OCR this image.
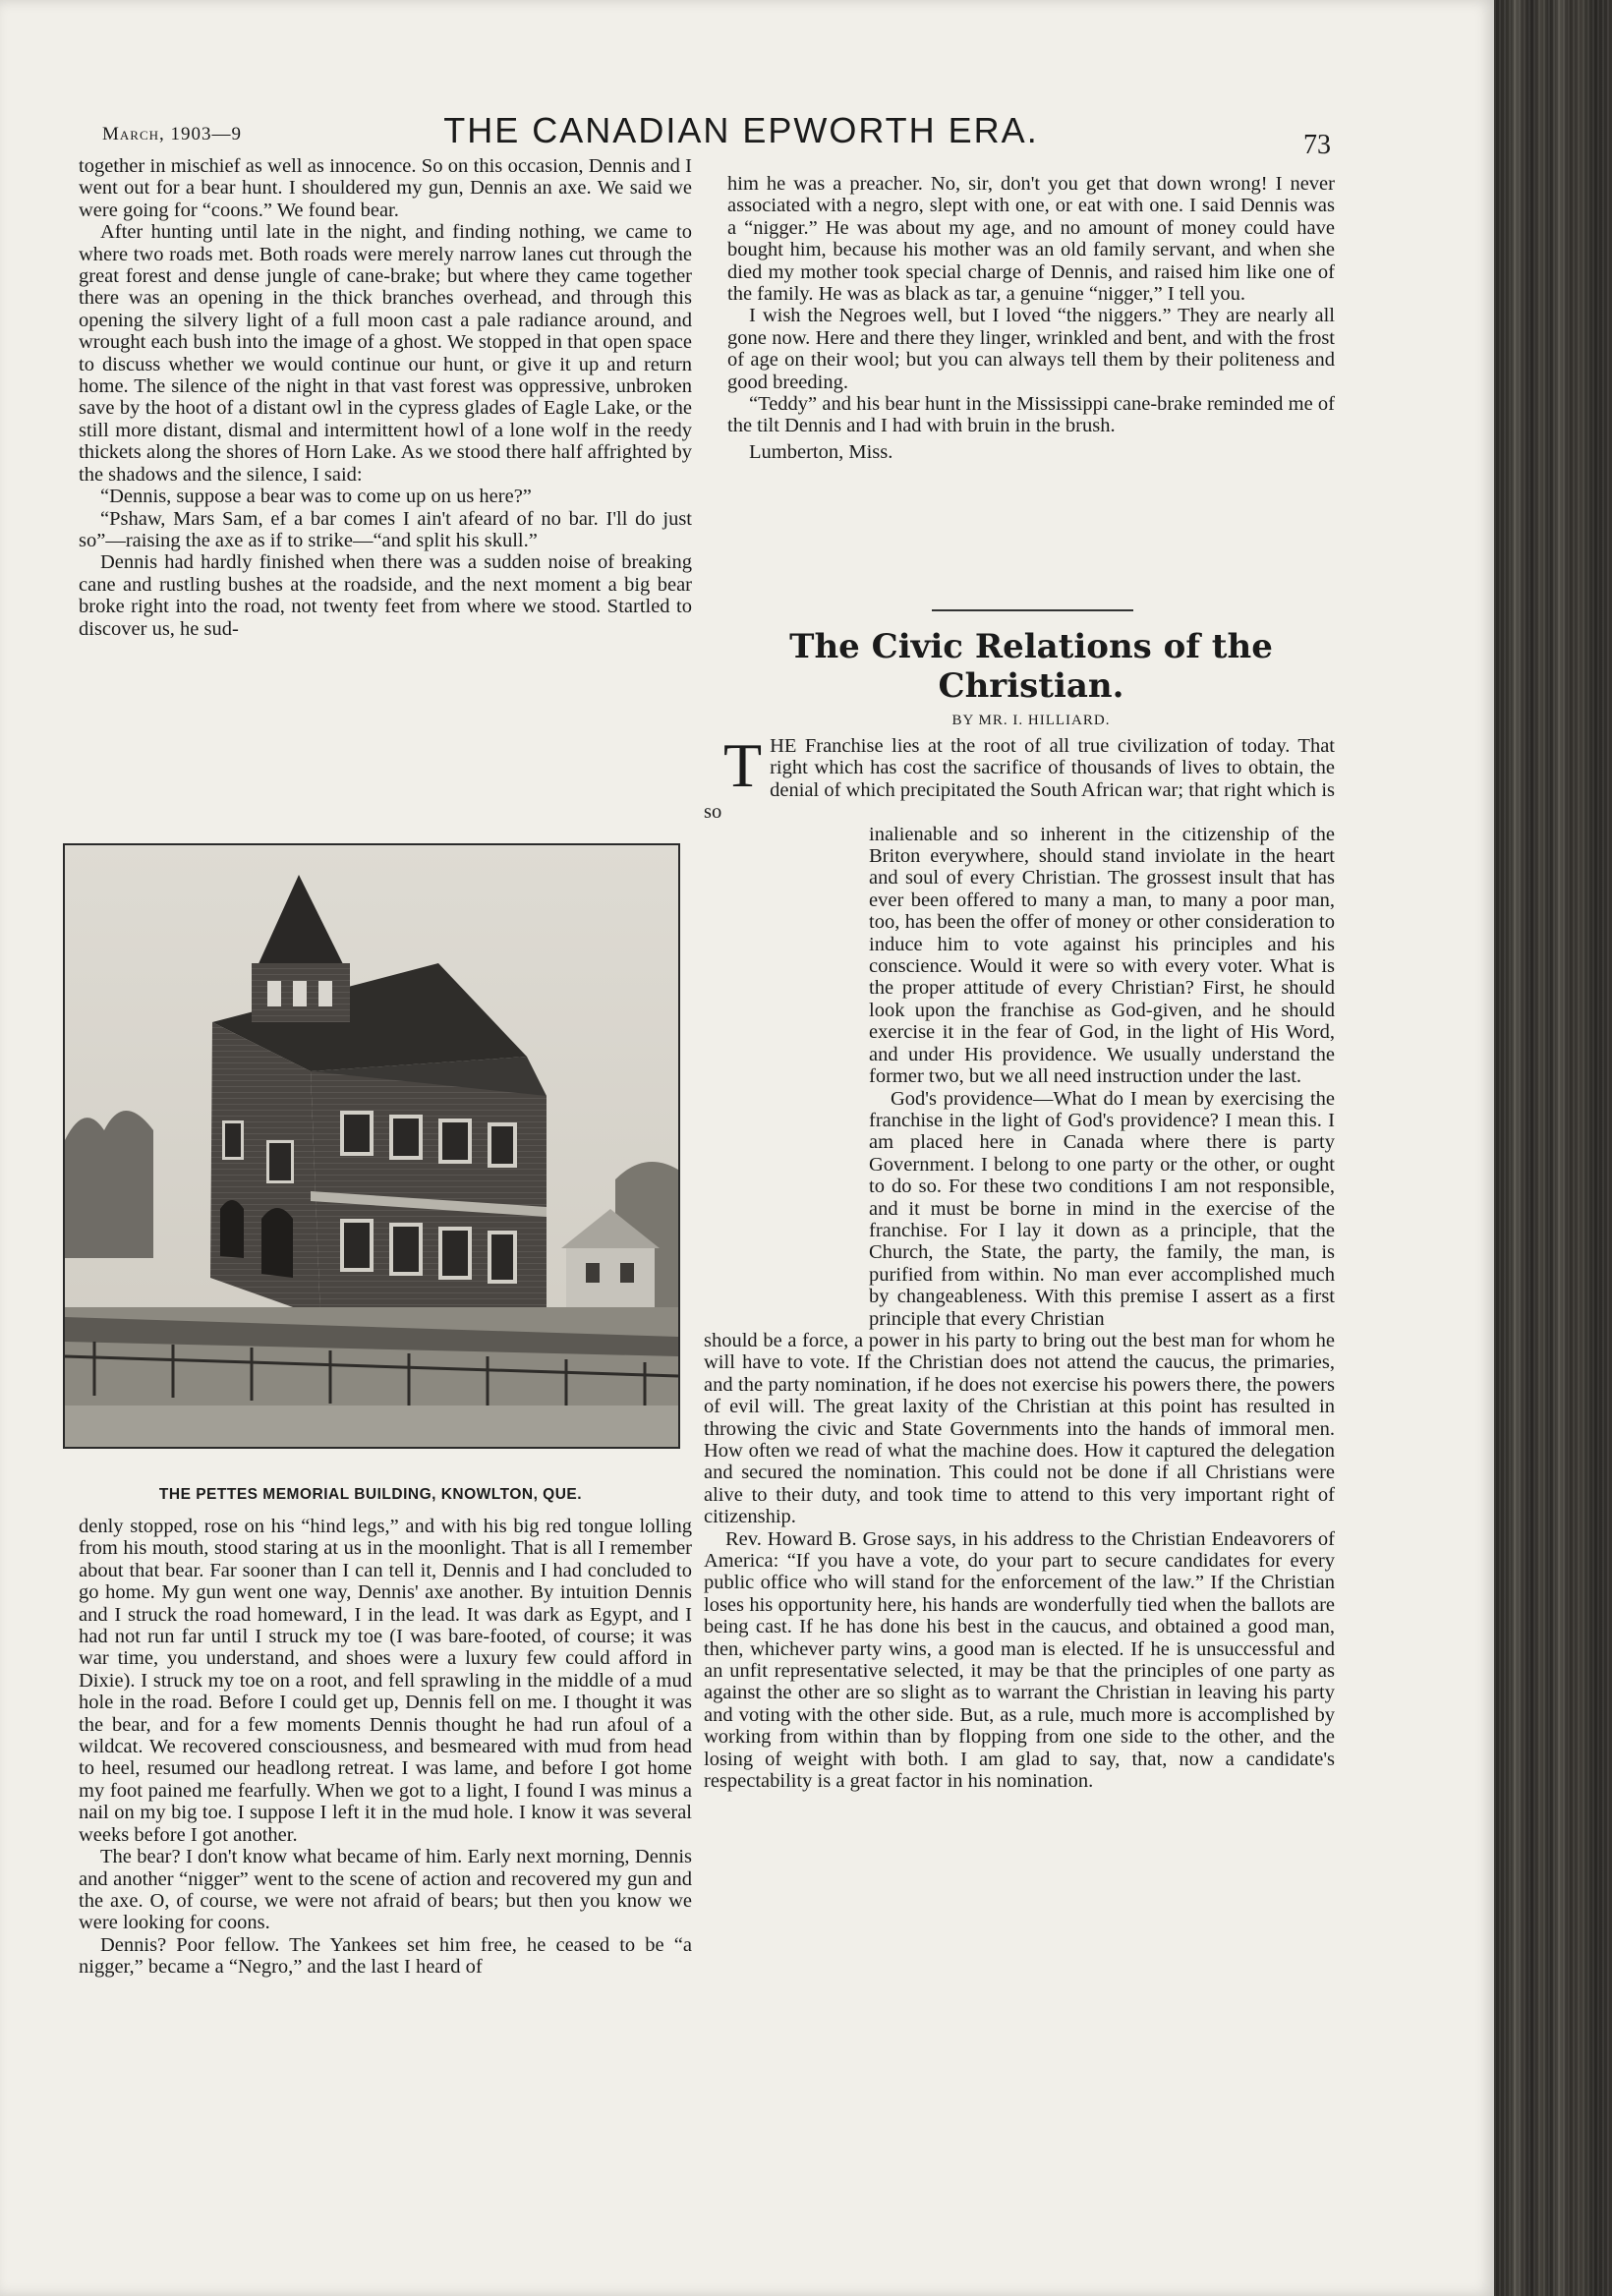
March, 1903—9	THE CANADIAN EPWORTH ERA.	73

together in mischief as well as innocence. So on this occasion, Dennis and I went out for a bear hunt. I shouldered my gun, Dennis an axe. We said we were going for “coons.” We found bear.

After hunting until late in the night, and finding nothing, we came to where two roads met. Both roads were merely narrow lanes cut through the great forest and dense jungle of cane-brake; but where they came together there was an opening in the thick branches overhead, and through this opening the silvery light of a full moon cast a pale radiance around, and wrought each bush into the image of a ghost. We stopped in that open space to discuss whether we would continue our hunt, or give it up and return home. The silence of the night in that vast forest was oppressive, unbroken save by the hoot of a distant owl in the cypress glades of Eagle Lake, or the still more distant, dismal and intermittent howl of a lone wolf in the reedy thickets along the shores of Horn Lake. As we stood there half affrighted by the shadows and the silence, I said:

“Dennis, suppose a bear was to come up on us here?”

“Pshaw, Mars Sam, ef a bar comes I ain't afeard of no bar. I'll do just so”—raising the axe as if to strike—“and split his skull.”

Dennis had hardly finished when there was a sudden noise of breaking cane and rustling bushes at the roadside, and the next moment a big bear broke right into the road, not twenty feet from where we stood. Startled to discover us, he sud-

THE PETTES MEMORIAL BUILDING, KNOWLTON, QUE.

denly stopped, rose on his “hind legs,” and with his big red tongue lolling from his mouth, stood staring at us in the moonlight. That is all I remember about that bear. Far sooner than I can tell it, Dennis and I had concluded to go home. My gun went one way, Dennis' axe another. By intuition Dennis and I struck the road homeward, I in the lead. It was dark as Egypt, and I had not run far until I struck my toe (I was bare-footed, of course; it was war time, you understand, and shoes were a luxury few could afford in Dixie). I struck my toe on a root, and fell sprawling in the middle of a mud hole in the road. Before I could get up, Dennis fell on me. I thought it was the bear, and for a few moments Dennis thought he had run afoul of a wildcat. We recovered consciousness, and besmeared with mud from head to heel, resumed our headlong retreat. I was lame, and before I got home my foot pained me fearfully. When we got to a light, I found I was minus a nail on my big toe. I suppose I left it in the mud hole. I know it was several weeks before I got another.

The bear? I don't know what became of him. Early next morning, Dennis and another “nigger” went to the scene of action and recovered my gun and the axe. O, of course, we were not afraid of bears; but then you know we were looking for coons.

Dennis? Poor fellow. The Yankees set him free, he ceased to be “a nigger,” became a “Negro,” and the last I heard of

him he was a preacher. No, sir, don't you get that down wrong! I never associated with a negro, slept with one, or eat with one. I said Dennis was a “nigger.” He was about my age, and no amount of money could have bought him, because his mother was an old family servant, and when she died my mother took special charge of Dennis, and raised him like one of the family. He was as black as tar, a genuine “nigger,” I tell you.

I wish the Negroes well, but I loved “the niggers.” They are nearly all gone now. Here and there they linger, wrinkled and bent, and with the frost of age on their wool; but you can always tell them by their politeness and good breeding.

“Teddy” and his bear hunt in the Mississippi cane-brake reminded me of the tilt Dennis and I had with bruin in the brush.

Lumberton, Miss.

The Civic Relations of the
Christian.
BY MR. I. HILLIARD.
T HE Franchise lies at the root of all true civilization of today. That right which has cost the sacrifice of thousands of lives to obtain, the denial of which precipitated the South African war; that right which is so

inalienable and so inherent in the citizenship of the Briton everywhere, should stand inviolate in the heart and soul of every Christian. The grossest insult that has ever been offered to many a man, to many a poor man, too, has been the offer of money or other consideration to induce him to vote against his principles and his conscience. Would it were so with every voter. What is the proper attitude of every Christian? First, he should look upon the franchise as God-given, and he should exercise it in the fear of God, in the light of His Word, and under His providence. We usually understand the former two, but we all need instruction under the last.

God's providence—What do I mean by exercising the franchise in the light of God's providence? I mean this. I am placed here in Canada where there is party Government. I belong to one party or the other, or ought to do so. For these two conditions I am not responsible, and it must be borne in mind in the exercise of the franchise. For I lay it down as a principle, that the Church, the State, the party, the family, the man, is purified from within. No man ever accomplished much by changeableness. With this premise I assert as a first principle that every Christian

should be a force, a power in his party to bring out the best man for whom he will have to vote. If the Christian does not attend the caucus, the primaries, and the party nomination, if he does not exercise his powers there, the powers of evil will. The great laxity of the Christian at this point has resulted in throwing the civic and State Governments into the hands of immoral men. How often we read of what the machine does. How it captured the delegation and secured the nomination. This could not be done if all Christians were alive to their duty, and took time to attend to this very important right of citizenship.

Rev. Howard B. Grose says, in his address to the Christian Endeavorers of America: “If you have a vote, do your part to secure candidates for every public office who will stand for the enforcement of the law.” If the Christian loses his opportunity here, his hands are wonderfully tied when the ballots are being cast. If he has done his best in the caucus, and obtained a good man, then, whichever party wins, a good man is elected. If he is unsuccessful and an unfit representative selected, it may be that the principles of one party as against the other are so slight as to warrant the Christian in leaving his party and voting with the other side. But, as a rule, much more is accomplished by working from within than by flopping from one side to the other, and the losing of weight with both. I am glad to say, that, now a candidate's respectability is a great factor in his nomination.
